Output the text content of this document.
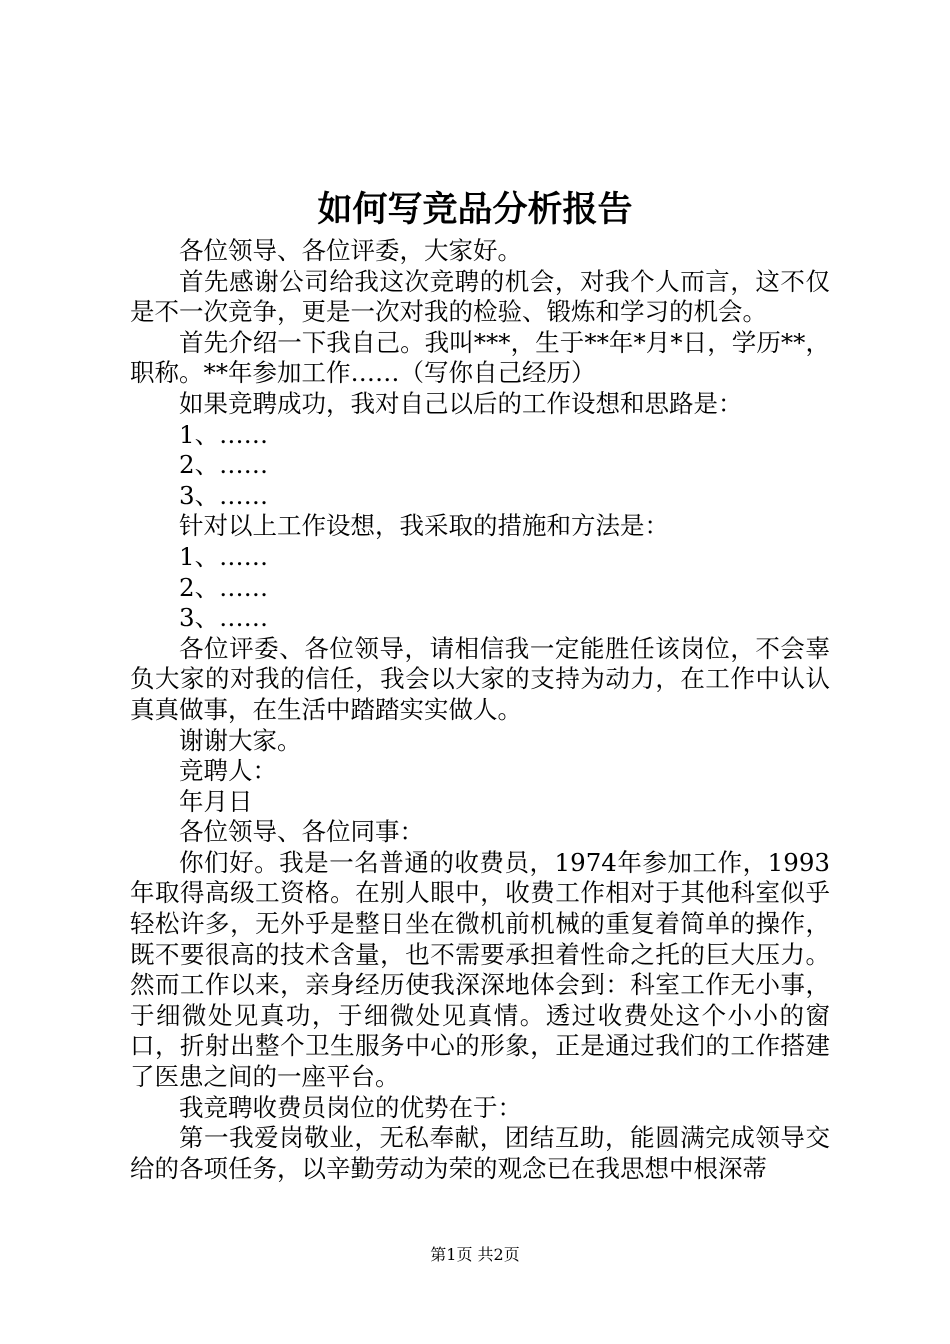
如何写竞品分析报告

各位领导、各位评委，大家好。

首先感谢公司给我这次竞聘的机会，对我个人而言，这不仅是不一次竞争，更是一次对我的检验、锻炼和学习的机会。

首先介绍一下我自己。我叫***，生于**年*月*日，学历**，职称。**年参加工作……（写你自己经历）

如果竞聘成功，我对自己以后的工作设想和思路是：

1、……

2、……

3、……

针对以上工作设想，我采取的措施和方法是：

1、……

2、……

3、……

各位评委、各位领导，请相信我一定能胜任该岗位，不会辜负大家的对我的信任，我会以大家的支持为动力，在工作中认认真真做事，在生活中踏踏实实做人。

谢谢大家。

竞聘人：

年月日

各位领导、各位同事：

你们好。我是一名普通的收费员，1974年参加工作，1993年取得高级工资格。在别人眼中，收费工作相对于其他科室似乎轻松许多，无外乎是整日坐在微机前机械的重复着简单的操作，既不要很高的技术含量，也不需要承担着性命之托的巨大压力。然而工作以来，亲身经历使我深深地体会到：科室工作无小事，于细微处见真功，于细微处见真情。透过收费处这个小小的窗口，折射出整个卫生服务中心的形象，正是通过我们的工作搭建了医患之间的一座平台。

我竞聘收费员岗位的优势在于：

第一我爱岗敬业，无私奉献，团结互助，能圆满完成领导交给的各项任务，以辛勤劳动为荣的观念已在我思想中根深蒂

第1页 共2页
